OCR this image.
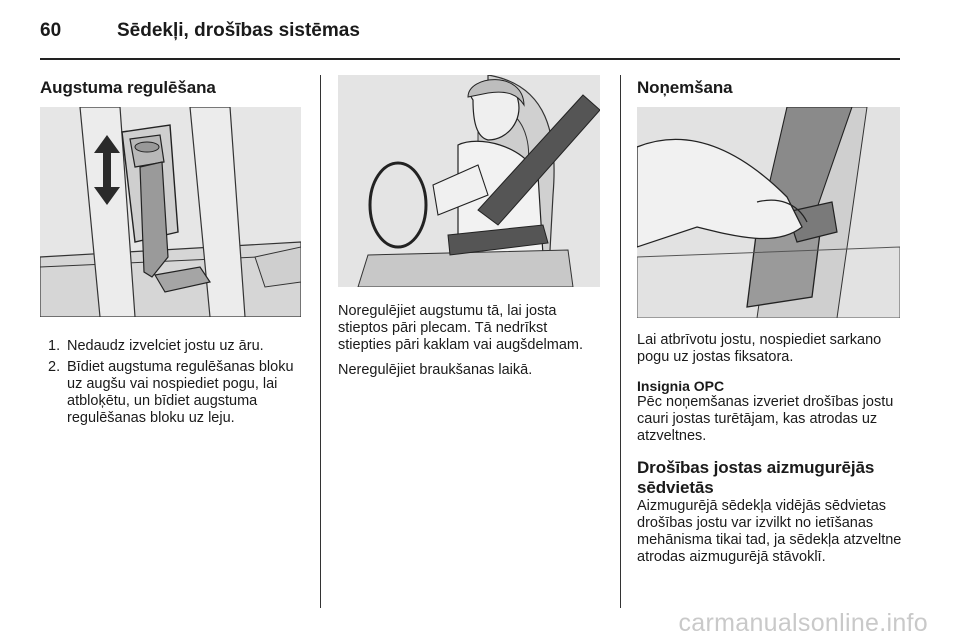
60	Sēdekļi, drošības sistēmas
Augstuma regulēšana
1. Nedaudz izvelciet jostu uz āru.
2. Bīdiet augstuma regulēšanas bloku uz augšu vai nospiediet pogu, lai atbloķētu, un bīdiet augstuma regulēšanas bloku uz leju.

Noregulējiet augstumu tā, lai josta stieptos pāri plecam. Tā nedrīkst stiepties pāri kaklam vai augšdelmam.

Neregulējiet braukšanas laikā.

Noņemšana

Lai atbrīvotu jostu, nospiediet sarkano pogu uz jostas fiksatora.

Insignia OPC

Pēc noņemšanas izveriet drošības jostu cauri jostas turētājam, kas atrodas uz atzveltnes.

Drošības jostas aizmugurējās sēdvietās

Aizmugurējā sēdekļa vidējās sēdvietas drošības jostu var izvilkt no ietīšanas mehānisma tikai tad, ja sēdekļa atzveltne atrodas aizmugurējā stāvoklī.

carmanualsonline.info
